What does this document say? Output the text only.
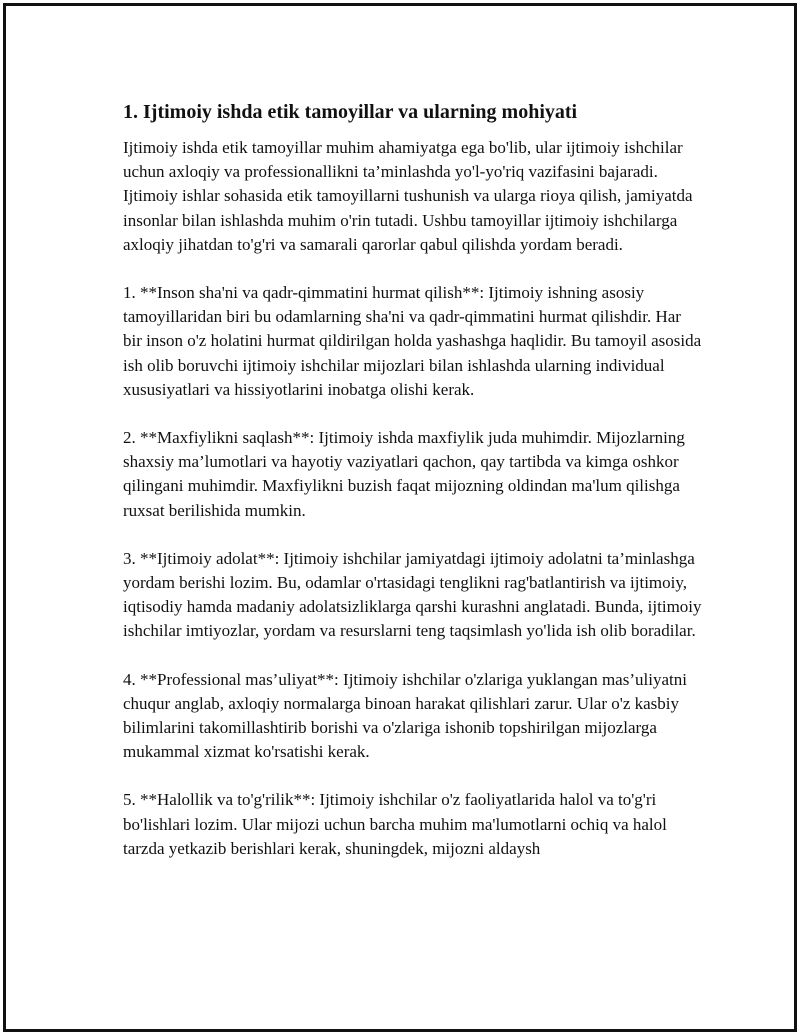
1. Ijtimoiy ishda etik tamoyillar va ularning mohiyati

Ijtimoiy ishda etik tamoyillar muhim ahamiyatga ega bo'lib, ular ijtimoiy ishchilar uchun axloqiy va professionallikni ta’minlashda yo'l-yo'riq vazifasini bajaradi. Ijtimoiy ishlar sohasida etik tamoyillarni tushunish va ularga rioya qilish, jamiyatda insonlar bilan ishlashda muhim o'rin tutadi. Ushbu tamoyillar ijtimoiy ishchilarga axloqiy jihatdan to'g'ri va samarali qarorlar qabul qilishda yordam beradi.

1. **Inson sha'ni va qadr-qimmatini hurmat qilish**: Ijtimoiy ishning asosiy tamoyillaridan biri bu odamlarning sha'ni va qadr-qimmatini hurmat qilishdir. Har bir inson o'z holatini hurmat qildirilgan holda yashashga haqlidir. Bu tamoyil asosida ish olib boruvchi ijtimoiy ishchilar mijozlari bilan ishlashda ularning individual xususiyatlari va hissiyotlarini inobatga olishi kerak.

2. **Maxfiylikni saqlash**: Ijtimoiy ishda maxfiylik juda muhimdir. Mijozlarning shaxsiy ma’lumotlari va hayotiy vaziyatlari qachon, qay tartibda va kimga oshkor qilingani muhimdir. Maxfiylikni buzish faqat mijozning oldindan ma'lum qilishga ruxsat berilishida mumkin.

3. **Ijtimoiy adolat**: Ijtimoiy ishchilar jamiyatdagi ijtimoiy adolatni ta’minlashga yordam berishi lozim. Bu, odamlar o'rtasidagi tenglikni rag'batlantirish va ijtimoiy, iqtisodiy hamda madaniy adolatsizliklarga qarshi kurashni anglatadi. Bunda, ijtimoiy ishchilar imtiyozlar, yordam va resurslarni teng taqsimlash yo'lida ish olib boradilar.

4. **Professional mas’uliyat**: Ijtimoiy ishchilar o'zlariga yuklangan mas’uliyatni chuqur anglab, axloqiy normalarga binoan harakat qilishlari zarur. Ular o'z kasbiy bilimlarini takomillashtirib borishi va o'zlariga ishonib topshirilgan mijozlarga mukammal xizmat ko'rsatishi kerak.

5. **Halollik va to'g'rilik**: Ijtimoiy ishchilar o'z faoliyatlarida halol va to'g'ri bo'lishlari lozim. Ular mijozi uchun barcha muhim ma'lumotlarni ochiq va halol tarzda yetkazib berishlari kerak, shuningdek, mijozni aldaysh
